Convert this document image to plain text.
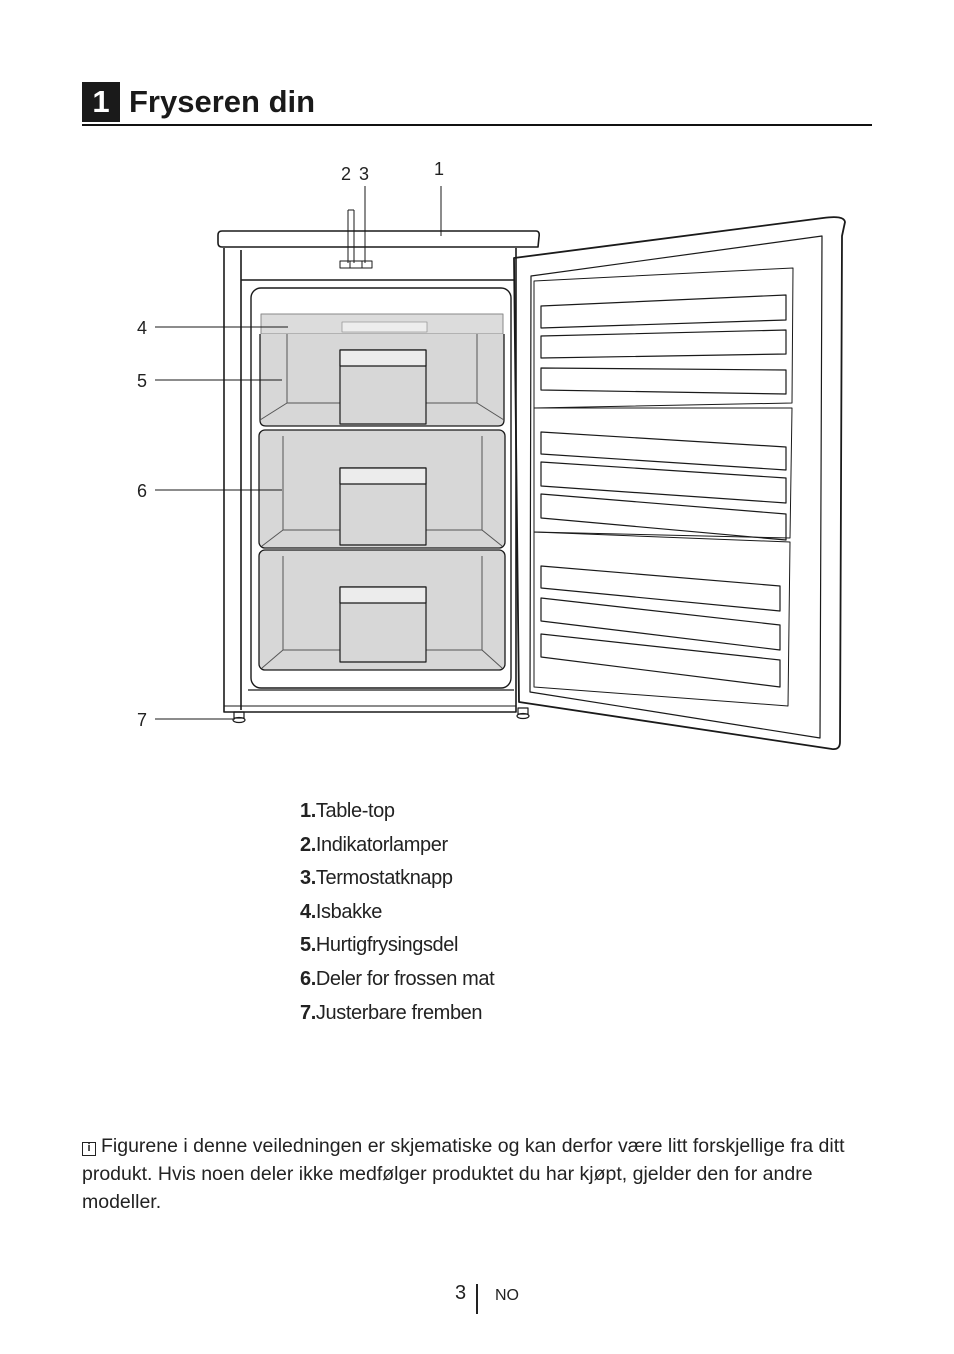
1 Fryseren din
1
2 3
4
5
6
7
1.Table-top
2.Indikatorlamper
3.Termostatknapp
4.Isbakke
5.Hurtigfrysingsdel
6.Deler for frossen mat
7.Justerbare fremben

i Figurene i denne veiledningen er skjematiske og kan derfor være litt forskjellige fra ditt produkt. Hvis noen deler ikke medfølger produktet du har kjøpt, gjelder den for andre modeller.

3 NO
